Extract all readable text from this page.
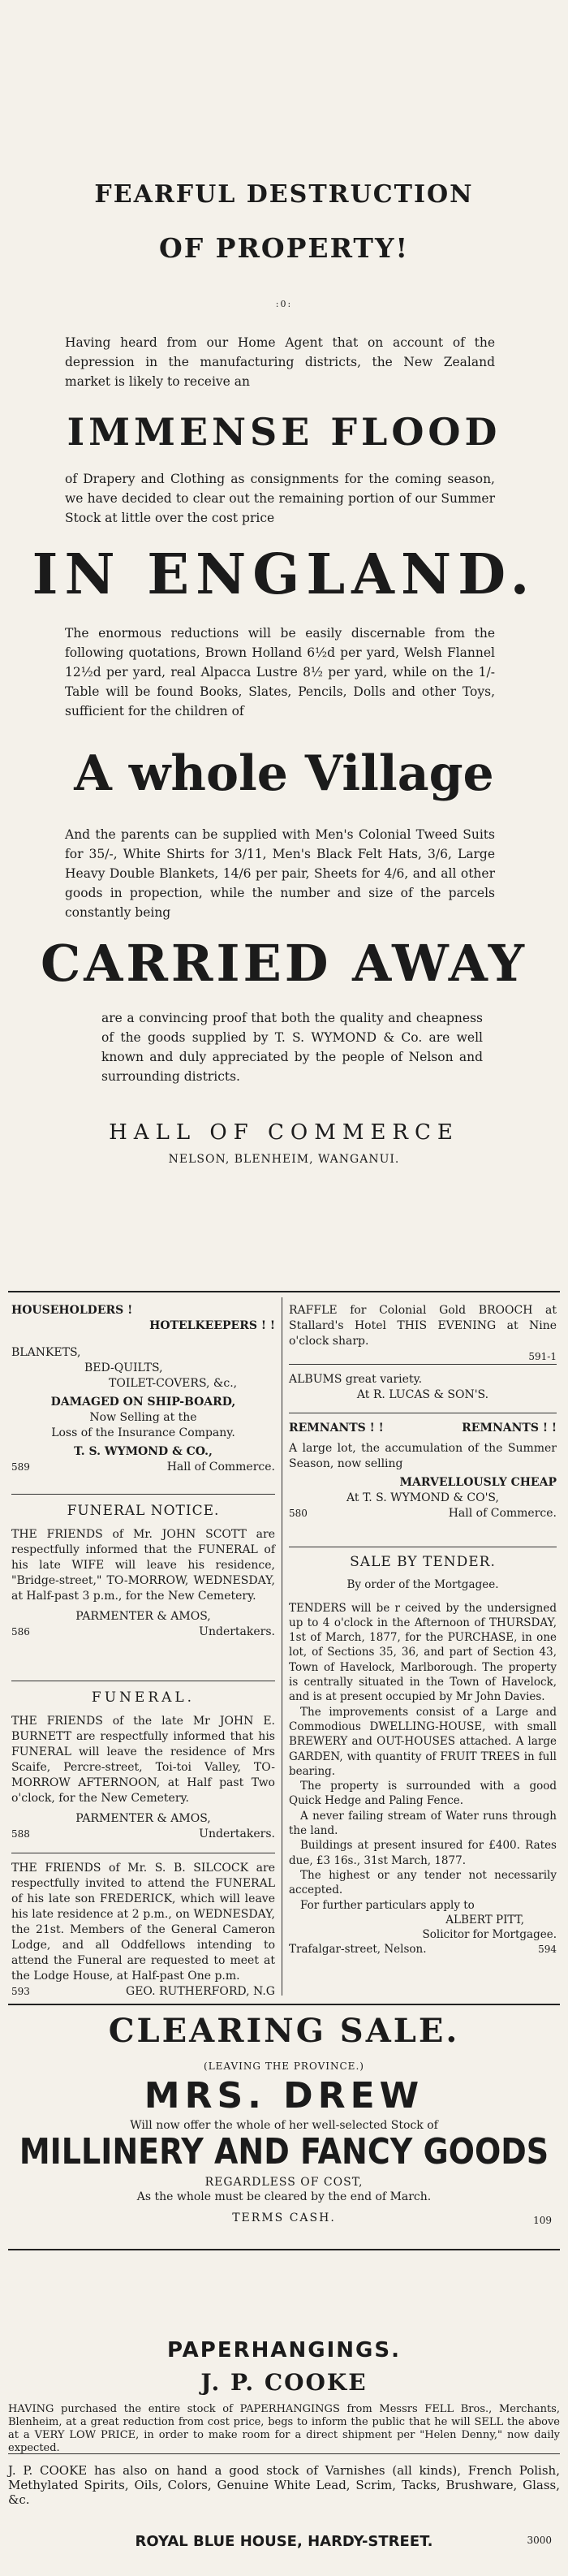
FEARFUL DESTRUCTION
OF PROPERTY!
:0:
Having heard from our Home Agent that on account of the depression in the manufacturing districts, the New Zealand market is likely to receive an
IMMENSE FLOOD
of Drapery and Clothing as consignments for the coming season, we have decided to clear out the remaining portion of our Summer Stock at little over the cost price
IN ENGLAND.
The enormous reductions will be easily discernable from the following quotations, Brown Holland 6½d per yard, Welsh Flannel 12½d per yard, real Alpacca Lustre 8½ per yard, while on the 1/- Table will be found Books, Slates, Pencils, Dolls and other Toys, sufficient for the children of
A whole Village
And the parents can be supplied with Men's Colonial Tweed Suits for 35/-, White Shirts for 3/11, Men's Black Felt Hats, 3/6, Large Heavy Double Blankets, 14/6 per pair, Sheets for 4/6, and all other goods in propection, while the number and size of the parcels constantly being
CARRIED AWAY
are a convincing proof that both the quality and cheapness of the goods supplied by T. S. WYMOND & Co. are well known and duly appreciated by the people of Nelson and surrounding districts.
HALL OF COMMERCE
NELSON, BLENHEIM, WANGANUI.
HOUSEHOLDERS !
HOTELKEEPERS ! !
BLANKETS,
BED-QUILTS,
TOILET-COVERS, &c.,
DAMAGED ON SHIP-BOARD,
Now Selling at the
Loss of the Insurance Company.
T. S. WYMOND & CO.,
589	Hall of Commerce.
FUNERAL NOTICE.

THE FRIENDS of Mr. JOHN SCOTT are respectfully informed that the FUNERAL of his late WIFE will leave his residence, "Bridge-street," TO-MORROW, WEDNESDAY, at Half-past 3 p.m., for the New Cemetery.

PARMENTER & AMOS,
586	Undertakers.
FUNERAL.

THE FRIENDS of the late Mr JOHN E. BURNETT are respectfully informed that his FUNERAL will leave the residence of Mrs Scaife, Percre-street, Toi-toi Valley, TO-MORROW AFTERNOON, at Half past Two o'clock, for the New Cemetery.

PARMENTER & AMOS,
588	Undertakers.

THE FRIENDS of Mr. S. B. SILCOCK are respectfully invited to attend the FUNERAL of his late son FREDERICK, which will leave his late residence at 2 p.m., on WEDNESDAY, the 21st. Members of the General Cameron Lodge, and all Oddfellows intending to attend the Funeral are requested to meet at the Lodge House, at Half-past One p.m.

593	GEO. RUTHERFORD, N.G

RAFFLE for Colonial Gold BROOCH at Stallard's Hotel THIS EVENING at Nine o'clock sharp.

591-1
ALBUMS great variety.
At R. LUCAS & SON'S.
REMNANTS ! !	REMNANTS ! !

A large lot, the accumulation of the Summer Season, now selling

MARVELLOUSLY CHEAP
At T. S. WYMOND & CO'S,
580	Hall of Commerce.
SALE BY TENDER.
By order of the Mortgagee.

TENDERS will be r ceived by the undersigned up to 4 o'clock in the Afternoon of THURSDAY, 1st of March, 1877, for the PURCHASE, in one lot, of Sections 35, 36, and part of Section 43, Town of Havelock, Marlborough. The property is centrally situated in the Town of Havelock, and is at present occupied by Mr John Davies.

The improvements consist of a Large and Commodious DWELLING-HOUSE, with small BREWERY and OUT-HOUSES attached. A large GARDEN, with quantity of FRUIT TREES in full bearing.

The property is surrounded with a good Quick Hedge and Paling Fence.

A never failing stream of Water runs through the land.

Buildings at present insured for £400. Rates due, £3 16s., 31st March, 1877.

The highest or any tender not necessarily accepted.

For further particulars apply to

ALBERT PITT,
Solicitor for Mortgagee.
Trafalgar-street, Nelson.	594
CLEARING SALE.
(LEAVING THE PROVINCE.)
MRS. DREW
Will now offer the whole of her well-selected Stock of
MILLINERY AND FANCY GOODS
REGARDLESS OF COST,
As the whole must be cleared by the end of March.
TERMS CASH.	109
PAPERHANGINGS.
J. P. COOKE
HAVING purchased the entire stock of PAPERHANGINGS from Messrs FELL Bros., Merchants, Blenheim, at a great reduction from cost price, begs to inform the public that he will SELL the above at a VERY LOW PRICE, in order to make room for a direct shipment per "Helen Denny," now daily expected.
J. P. COOKE has also on hand a good stock of Varnishes (all kinds), French Polish, Methylated Spirits, Oils, Colors, Genuine White Lead, Scrim, Tacks, Brushware, Glass, &c.
ROYAL BLUE HOUSE, HARDY-STREET.	3000
